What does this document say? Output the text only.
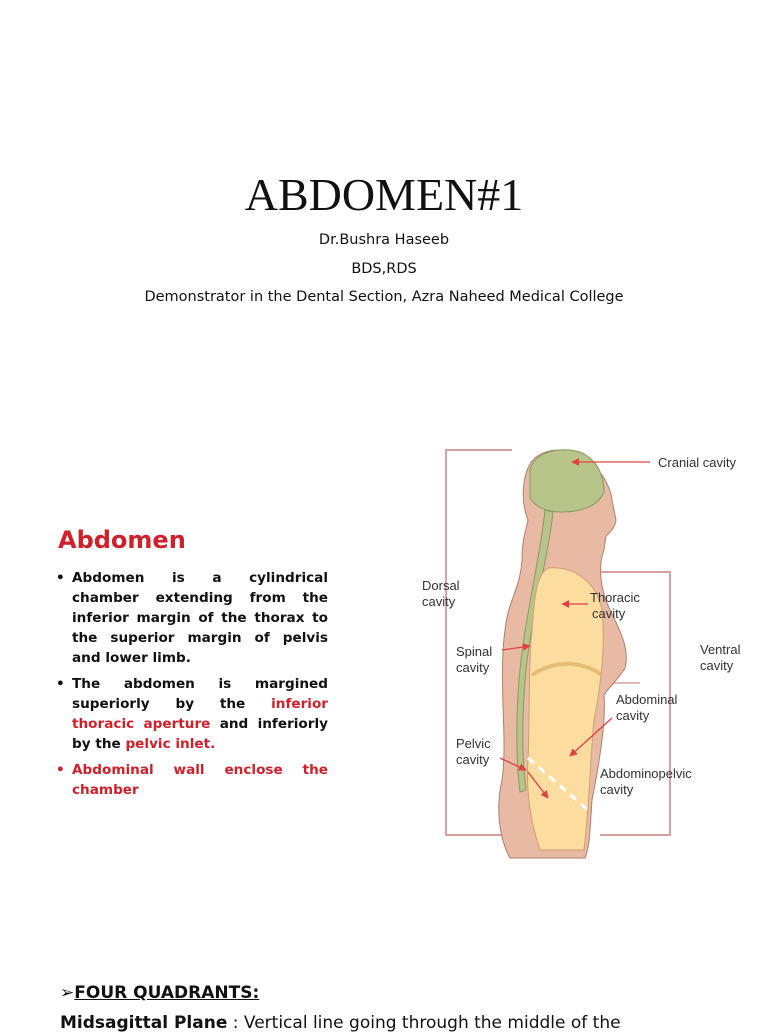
ABDOMEN#1
Dr.Bushra Haseeb
BDS,RDS
Demonstrator in the Dental Section, Azra Naheed Medical College
Abdomen
• Abdomen is a cylindrical chamber extending from the inferior margin of the thorax to the superior margin of pelvis and lower limb.
• The abdomen is margined superiorly by the inferior thoracic aperture and inferiorly by the pelvic inlet.
• Abdominal wall enclose the chamber
Cranial cavity
Dorsal
cavity	Thoracic
cavity
Spinal
cavity
Ventral
cavity
Abdominal
cavity
Pelvic
cavity
Abdominopelvic
cavity
➢FOUR QUADRANTS:
Midsagittal Plane : Vertical line going through the middle of the
